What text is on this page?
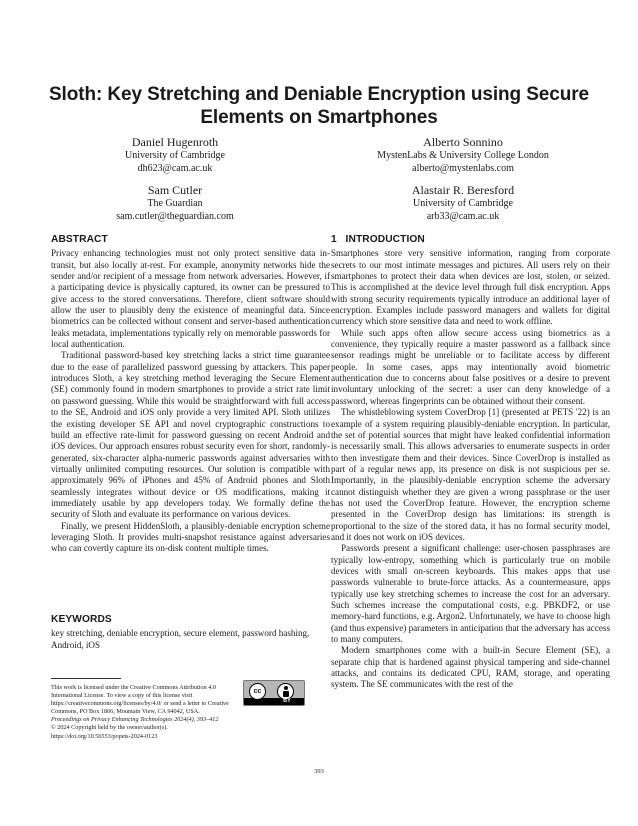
Sloth: Key Stretching and Deniable Encryption using Secure Elements on Smartphones
Daniel Hugenroth
University of Cambridge
dh623@cam.ac.uk
Alberto Sonnino
MystenLabs & University College London
alberto@mystenlabs.com
Sam Cutler
The Guardian
sam.cutler@theguardian.com
Alastair R. Beresford
University of Cambridge
arb33@cam.ac.uk
ABSTRACT

Privacy enhancing technologies must not only protect sensitive data in-transit, but also locally at-rest. For example, anonymity networks hide the sender and/or recipient of a message from network adversaries. However, if a participating device is physically captured, its owner can be pressured to give access to the stored conversations. Therefore, client software should allow the user to plausibly deny the existence of meaningful data. Since biometrics can be collected without consent and server-based authentication leaks metadata, implementations typically rely on memorable passwords for local authentication.

Traditional password-based key stretching lacks a strict time guarantee due to the ease of parallelized password guessing by attackers. This paper introduces Sloth, a key stretching method leveraging the Secure Element (SE) commonly found in modern smartphones to provide a strict rate limit on password guessing. While this would be straightforward with full access to the SE, Android and iOS only provide a very limited API. Sloth utilizes the existing developer SE API and novel cryptographic constructions to build an effective rate-limit for password guessing on recent Android and iOS devices. Our approach ensures robust security even for short, randomly-generated, six-character alpha-numeric passwords against adversaries with virtually unlimited computing resources. Our solution is compatible with approximately 96% of iPhones and 45% of Android phones and Sloth seamlessly integrates without device or OS modifications, making it immediately usable by app developers today. We formally define the security of Sloth and evaluate its performance on various devices.

Finally, we present HiddenSloth, a plausibly-deniable encryption scheme leveraging Sloth. It provides multi-snapshot resistance against adversaries who can covertly capture its on-disk content multiple times.

KEYWORDS

key stretching, deniable encryption, secure element, password hashing, Android, iOS

This work is licensed under the Creative Commons Attribution 4.0 International License. To view a copy of this license visit https://creativecommons.org/licenses/by/4.0/ or send a letter to Creative Commons, PO Box 1866, Mountain View, CA 94042, USA.
Proceedings on Privacy Enhancing Technologies 2024(4), 393–412
© 2024 Copyright held by the owner/author(s).
https://doi.org/10.56553/popets-2024-0123
cc
BY
1   INTRODUCTION

Smartphones store very sensitive information, ranging from corporate secrets to our most intimate messages and pictures. All users rely on their smartphones to protect their data when devices are lost, stolen, or seized. This is accomplished at the device level through full disk encryption. Apps with strong security requirements typically introduce an additional layer of encryption. Examples include password managers and wallets for digital currency which store sensitive data and need to work offline.

While such apps often allow secure access using biometrics as a convenience, they typically require a master password as a fallback since sensor readings might be unreliable or to facilitate access by different people. In some cases, apps may intentionally avoid biometric authentication due to concerns about false positives or a desire to prevent involuntary unlocking of the secret: a user can deny knowledge of a password, whereas fingerprints can be obtained without their consent.

The whistleblowing system CoverDrop [1] (presented at PETS '22) is an example of a system requiring plausibly-deniable encryption. In particular, the set of potential sources that might have leaked confidential information is necessarily small. This allows adversaries to enumerate suspects in order to then investigate them and their devices. Since CoverDrop is installed as part of a regular news app, its presence on disk is not suspicious per se. Importantly, in the plausibly-deniable encryption scheme the adversary cannot distinguish whether they are given a wrong passphrase or the user has not used the CoverDrop feature. However, the encryption scheme presented in the CoverDrop design has limitations: its strength is proportional to the size of the stored data, it has no formal security model, and it does not work on iOS devices.

Passwords present a significant challenge: user-chosen passphrases are typically low-entropy, something which is particularly true on mobile devices with small on-screen keyboards. This makes apps that use passwords vulnerable to brute-force attacks. As a countermeasure, apps typically use key stretching schemes to increase the cost for an adversary. Such schemes increase the computational costs, e.g. PBKDF2, or use memory-hard functions, e.g. Argon2. Unfortunately, we have to choose high (and thus expensive) parameters in anticipation that the adversary has access to many computers.

Modern smartphones come with a built-in Secure Element (SE), a separate chip that is hardened against physical tampering and side-channel attacks, and contains its dedicated CPU, RAM, storage, and operating system. The SE communicates with the rest of the

393
